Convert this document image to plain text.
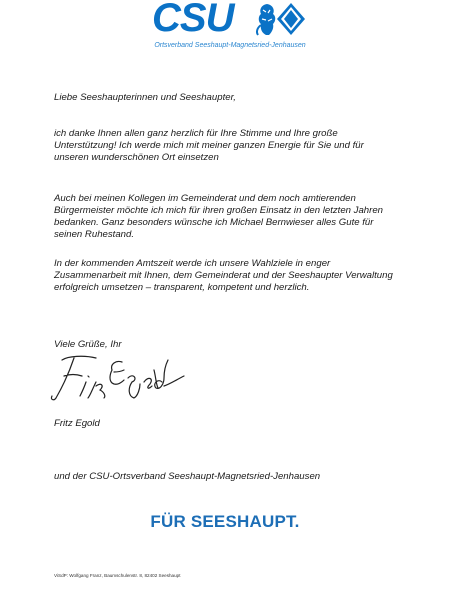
CSU
Ortsverband Seeshaupt-Magnetsried-Jenhausen

Liebe Seeshaupterinnen und Seeshaupter,

ich danke Ihnen allen ganz herzlich für Ihre Stimme und Ihre große Unterstützung! Ich werde mich mit meiner ganzen Energie für Sie und für unseren wunderschönen Ort einsetzen

Auch bei meinen Kollegen im Gemeinderat und dem noch amtierenden Bürgermeister möchte ich mich für ihren großen Einsatz in den letzten Jahren bedanken. Ganz besonders wünsche ich Michael Bernwieser alles Gute für seinen Ruhestand.

In der kommenden Amtszeit werde ich unsere Wahlziele in enger Zusammenarbeit mit Ihnen, dem Gemeinderat und der Seeshaupter Verwaltung erfolgreich umsetzen – transparent, kompetent und herzlich.

Viele Grüße, Ihr

Fritz Egold

und der CSU-Ortsverband Seeshaupt-Magnetsried-Jenhausen

FÜR SEESHAUPT.
ViSdP: Wolfgang Franz, Baumschulenstr. 8, 82402 Seeshaupt
